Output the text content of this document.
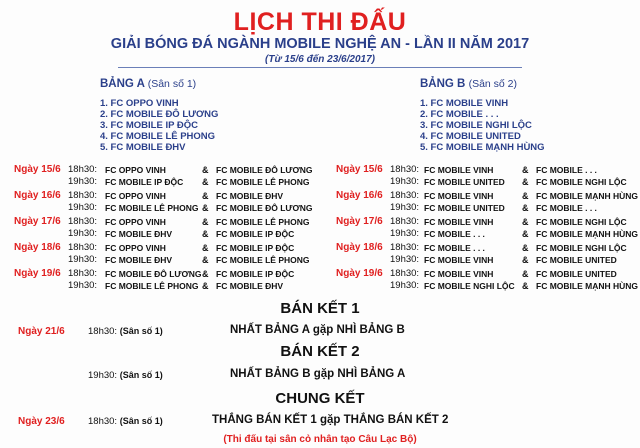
LỊCH THI ĐẤU
GIẢI BÓNG ĐÁ NGÀNH MOBILE NGHỆ AN - LẦN II NĂM 2017
(Từ 15/6 đến 23/6/2017)
BẢNG A (Sân số 1)
1. FC OPPO VINH
2. FC MOBILE ĐÔ LƯƠNG
3. FC MOBILE IP ĐỘC
4. FC MOBILE LÊ PHONG
5. FC MOBILE ĐHV
BẢNG B (Sân số 2)
1. FC MOBILE VINH
2. FC MOBILE . . .
3. FC MOBILE NGHI LỘC
4. FC MOBILE UNITED
5. FC MOBILE MẠNH HÙNG
Ngày 15/6 18h30: FC OPPO VINH	& FC MOBILE ĐÔ LƯƠNG
19h30: FC MOBILE IP ĐỘC & FC MOBILE LÊ PHONG
Ngày 16/6 18h30: FC OPPO VINH	& FC MOBILE ĐHV
19h30: FC MOBILE LÊ PHONG & FC MOBILE ĐÔ LƯƠNG
Ngày 17/6 18h30: FC OPPO VINH	& FC MOBILE LÊ PHONG
19h30: FC MOBILE ĐHV	& FC MOBILE IP ĐỘC
Ngày 18/6 18h30: FC OPPO VINH	& FC MOBILE IP ĐỘC
19h30: FC MOBILE ĐHV	& FC MOBILE LÊ PHONG
Ngày 19/6 18h30: FC MOBILE ĐÔ LƯƠNG & FC MOBILE IP ĐỘC
19h30: FC MOBILE LÊ PHONG & FC MOBILE ĐHV
Ngày 15/6 18h30: FC MOBILE VINH	& FC MOBILE . . .
19h30: FC MOBILE UNITED & FC MOBILE NGHI LỘC
Ngày 16/6 18h30: FC MOBILE VINH	& FC MOBILE MẠNH HÙNG
19h30: FC MOBILE UNITED & FC MOBILE . . .
Ngày 17/6 18h30: FC MOBILE VINH	& FC MOBILE NGHI LỘC
19h30: FC MOBILE . . .	& FC MOBILE MẠNH HÙNG
Ngày 18/6 18h30: FC MOBILE . . .	& FC MOBILE NGHI LỘC
19h30: FC MOBILE VINH	& FC MOBILE UNITED
Ngày 19/6 18h30: FC MOBILE VINH	& FC MOBILE UNITED
19h30: FC MOBILE NGHI LỘC & FC MOBILE MẠNH HÙNG
BÁN KẾT 1
Ngày 21/6 18h30: (Sân số 1)	NHẤT BẢNG A gặp NHÌ BẢNG B
BÁN KẾT 2
19h30: (Sân số 1)	NHẤT BẢNG B gặp NHÌ BẢNG A
CHUNG KẾT
Ngày 23/6 18h30: (Sân số 1)	THẮNG BÁN KẾT 1 gặp THẮNG BÁN KẾT 2
(Thi đấu tại sân cỏ nhân tạo Câu Lạc Bộ)
